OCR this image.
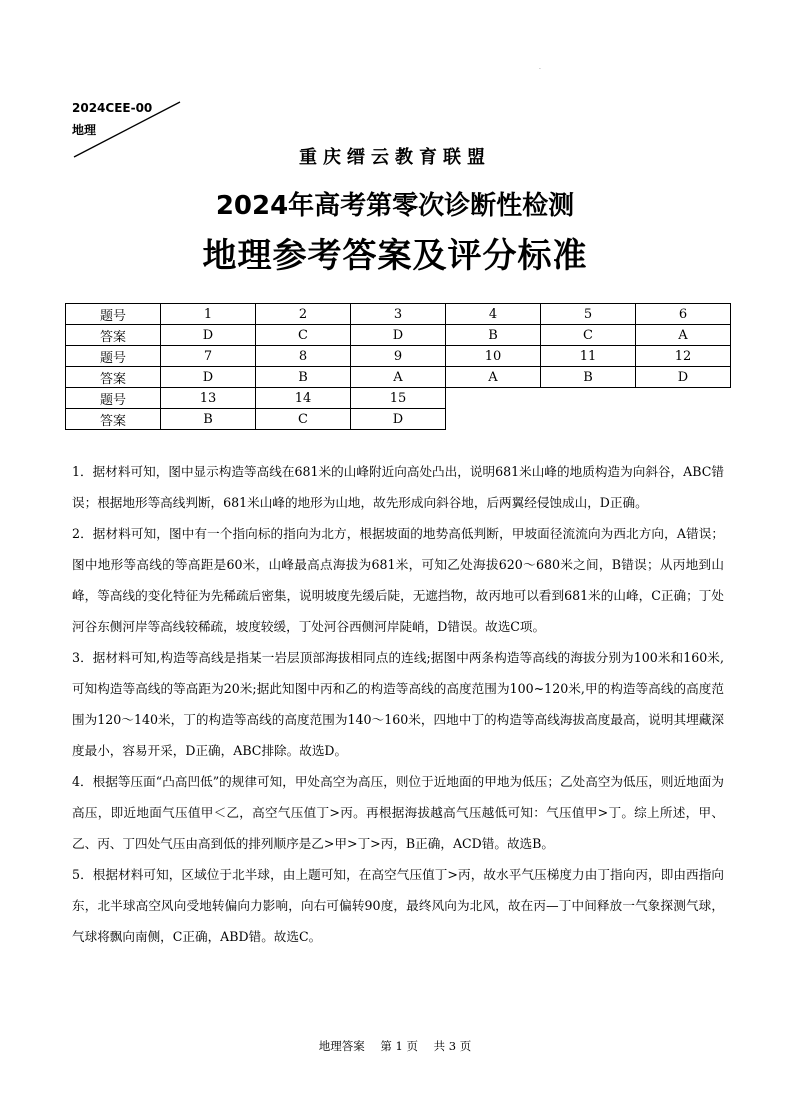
·
2024CEE-00
地理
重庆缙云教育联盟
2024年高考第零次诊断性检测
地理参考答案及评分标准
题号	1	2	3	4	5	6
答案	D	C	D	B	C	A
题号	7	8	9	10	11	12
答案	D	B	A	A	B	D
题号	13	14	15			
答案	B	C	D			

1．据材料可知，图中显示构造等高线在681米的山峰附近向高处凸出，说明681米山峰的地质构造为向斜谷，ABC错误；根据地形等高线判断，681米山峰的地形为山地，故先形成向斜谷地，后两翼经侵蚀成山，D正确。

2．据材料可知，图中有一个指向标的指向为北方，根据坡面的地势高低判断，甲坡面径流流向为西北方向，A错误；图中地形等高线的等高距是60米，山峰最高点海拔为681米，可知乙处海拔620～680米之间，B错误；从丙地到山峰，等高线的变化特征为先稀疏后密集，说明坡度先缓后陡，无遮挡物，故丙地可以看到681米的山峰，C正确；丁处河谷东侧河岸等高线较稀疏，坡度较缓，丁处河谷西侧河岸陡峭，D错误。故选C项。

3．据材料可知,构造等高线是指某一岩层顶部海拔相同点的连线;据图中两条构造等高线的海拔分别为100米和160米,可知构造等高线的等高距为20米;据此知图中丙和乙的构造等高线的高度范围为100~120米,甲的构造等高线的高度范围为120～140米，丁的构造等高线的高度范围为140～160米，四地中丁的构造等高线海拔高度最高，说明其埋藏深度最小，容易开采，D正确，ABC排除。故选D。

4．根据等压面“凸高凹低”的规律可知，甲处高空为高压，则位于近地面的甲地为低压；乙处高空为低压，则近地面为高压，即近地面气压值甲＜乙，高空气压值丁>丙。再根据海拔越高气压越低可知：气压值甲>丁。综上所述，甲、乙、丙、丁四处气压由高到低的排列顺序是乙>甲>丁>丙，B正确，ACD错。故选B。

5．根据材料可知，区域位于北半球，由上题可知，在高空气压值丁>丙，故水平气压梯度力由丁指向丙，即由西指向东，北半球高空风向受地转偏向力影响，向右可偏转90度，最终风向为北风，故在丙—丁中间释放一气象探测气球，气球将飘向南侧，C正确，ABD错。故选C。

地理答案 第 1 页 共 3 页
